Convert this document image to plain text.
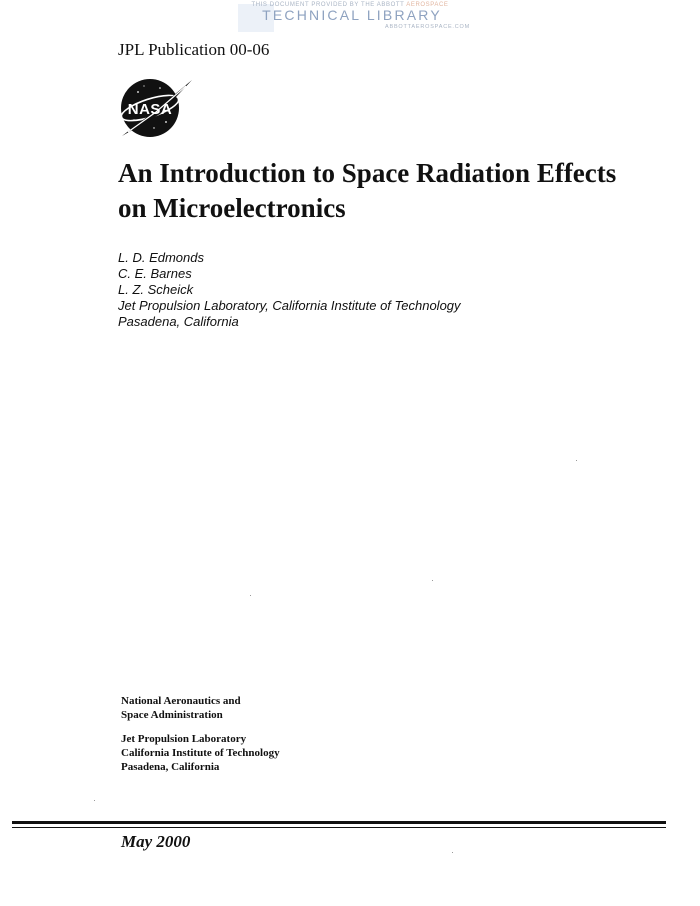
THIS DOCUMENT PROVIDED BY THE ABBOTT AEROSPACE
TECHNICAL LIBRARY
ABBOTTAEROSPACE.COM
JPL Publication 00-06
NASA
An Introduction to Space Radiation Effects
on Microelectronics
L. D. Edmonds
C. E. Barnes
L. Z. Scheick
Jet Propulsion Laboratory, California Institute of Technology
Pasadena, California
National Aeronautics and
Space Administration
Jet Propulsion Laboratory
California Institute of Technology
Pasadena, California
May 2000
